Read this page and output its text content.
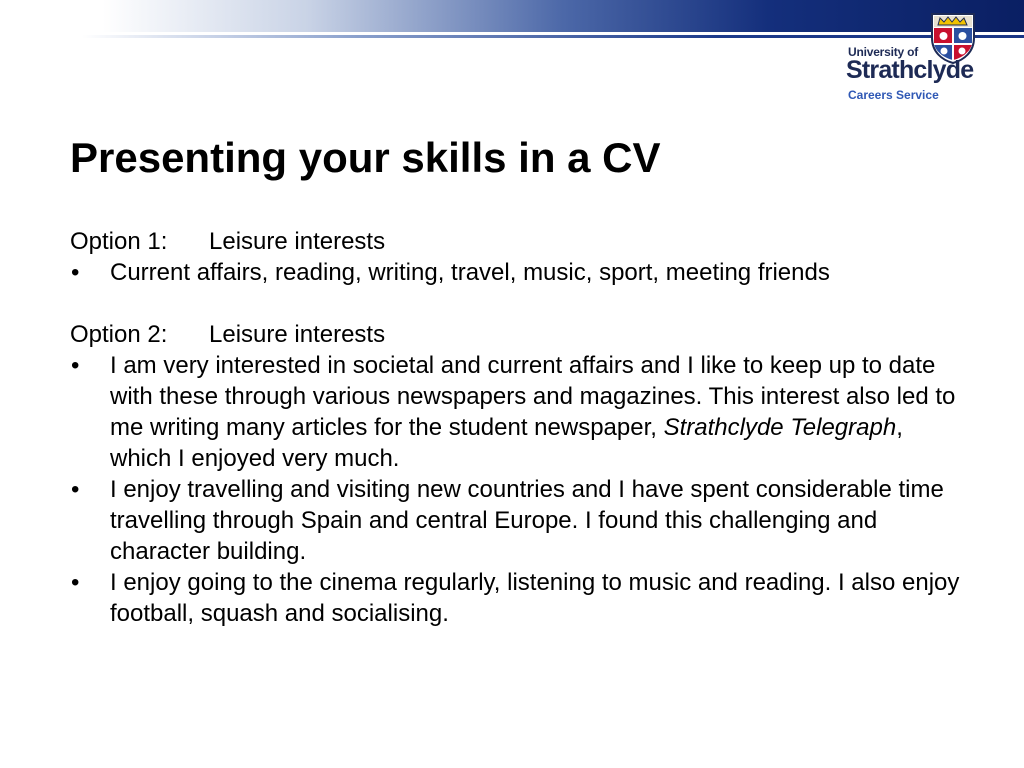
University of
Strathclyde
Careers Service
Presenting your skills in a CV

Option 1: Leisure interests

• Current affairs, reading, writing, travel, music, sport, meeting friends

Option 2: Leisure interests

• I am very interested in societal and current affairs and I like to keep up to date with these through various newspapers and magazines. This interest also led to me writing many articles for the student newspaper, Strathclyde Telegraph, which I enjoyed very much.
• I enjoy travelling and visiting new countries and I have spent considerable time travelling through Spain and central Europe. I found this challenging and character building.
• I enjoy going to the cinema regularly, listening to music and reading. I also enjoy football, squash and socialising.
